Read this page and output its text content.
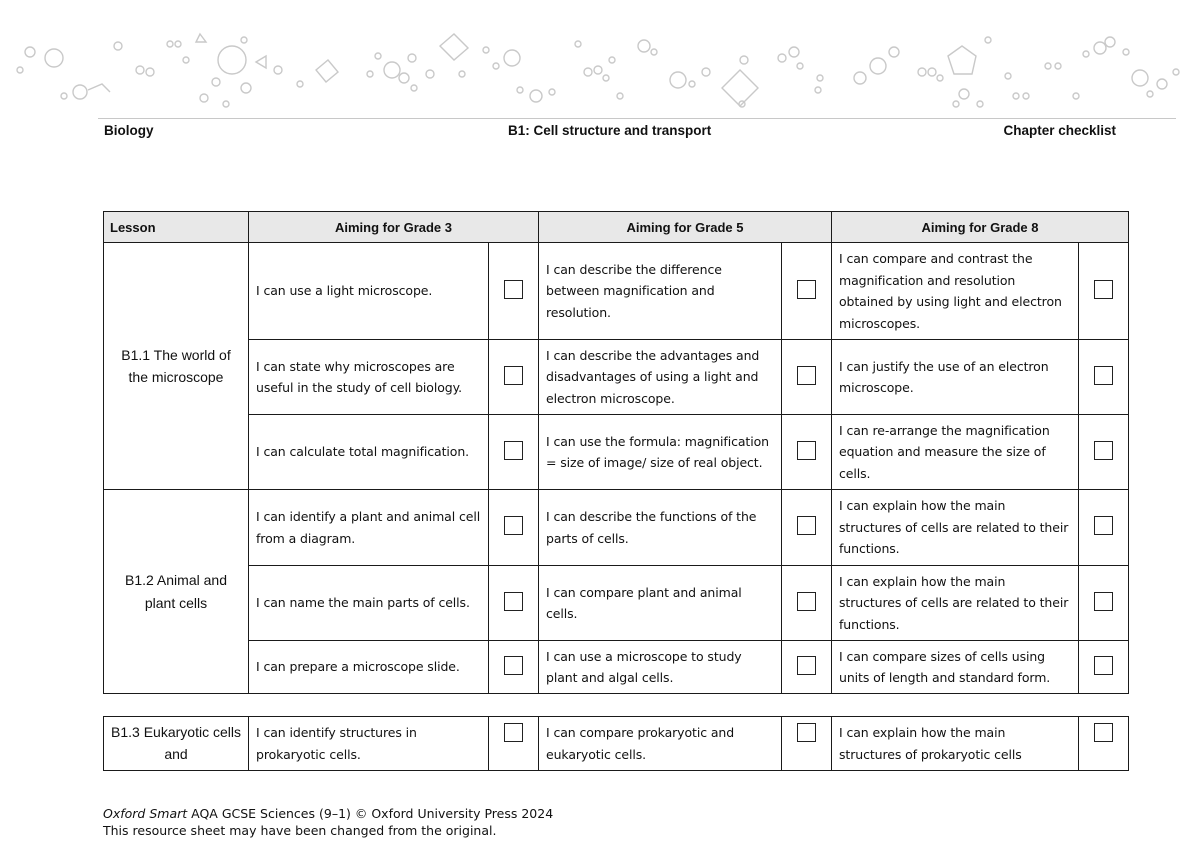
Biology	B1: Cell structure and transport	Chapter checklist
Lesson	Aiming for Grade 3		Aiming for Grade 5		Aiming for Grade 8	
B1.1 The world of the microscope	I can use a light microscope.		I can describe the difference between magnification and resolution.		I can compare and contrast the magnification and resolution obtained by using light and electron microscopes.	
	I can state why microscopes are useful in the study of cell biology.		I can describe the advantages and disadvantages of using a light and electron microscope.		I can justify the use of an electron microscope.	
	I can calculate total magnification.		I can use the formula: magnification = size of image/ size of real object.		I can re-arrange the magnification equation and measure the size of cells.	
B1.2 Animal and plant cells	I can identify a plant and animal cell from a diagram.		I can describe the functions of the parts of cells.		I can explain how the main structures of cells are related to their functions.	
	I can name the main parts of cells.		I can compare plant and animal cells.		I can explain how the main structures of cells are related to their functions.	
	I can prepare a microscope slide.		I can use a microscope to study plant and algal cells.		I can compare sizes of cells using units of length and standard form.	
B1.3 Eukaryotic cells and	I can identify structures in prokaryotic cells.		I can compare prokaryotic and eukaryotic cells.		I can explain how the main structures of prokaryotic cells	
Oxford Smart AQA GCSE Sciences (9–1) © Oxford University Press 2024
This resource sheet may have been changed from the original.
